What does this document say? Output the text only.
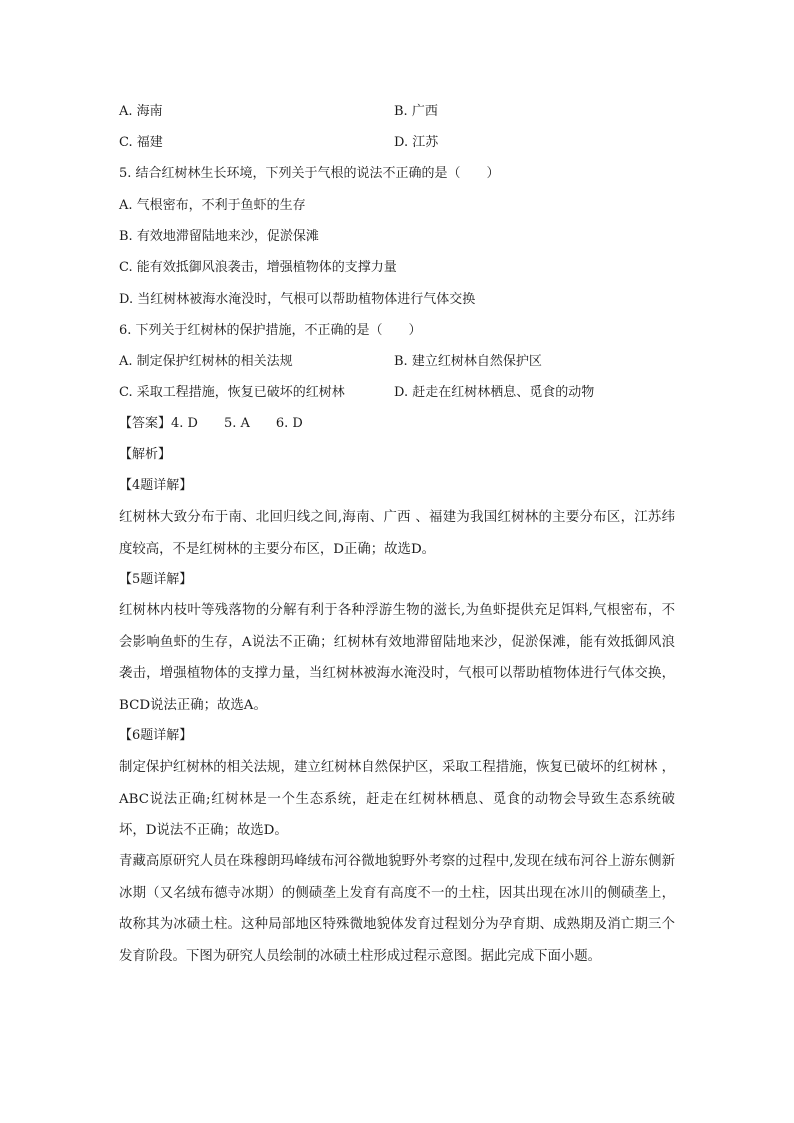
A. 海南	B. 广西
C. 福建	D. 江苏
5. 结合红树林生长环境，下列关于气根的说法不正确的是（　　）
A. 气根密布，不利于鱼虾的生存
B. 有效地滞留陆地来沙，促淤保滩
C. 能有效抵御风浪袭击，增强植物体的支撑力量
D. 当红树林被海水淹没时，气根可以帮助植物体进行气体交换
6. 下列关于红树林的保护措施，不正确的是（　　）
A. 制定保护红树林的相关法规	B. 建立红树林自然保护区
C. 采取工程措施，恢复已破坏的红树林	D. 赶走在红树林栖息、觅食的动物
【答案】4. D　　5. A　　6. D
【解析】
【4题详解】
红树林大致分布于南、北回归线之间,海南、广西 、福建为我国红树林的主要分布区，江苏纬度较高，不是红树林的主要分布区，D正确；故选D。
【5题详解】
红树林内枝叶等残落物的分解有利于各种浮游生物的滋长,为鱼虾提供充足饵料,气根密布，不会影响鱼虾的生存，A说法不正确；红树林有效地滞留陆地来沙，促淤保滩，能有效抵御风浪袭击，增强植物体的支撑力量，当红树林被海水淹没时，气根可以帮助植物体进行气体交换，BCD说法正确；故选A。
【6题详解】
制定保护红树林的相关法规，建立红树林自然保护区，采取工程措施，恢复已破坏的红树林 ，ABC说法正确;红树林是一个生态系统，赶走在红树林栖息、觅食的动物会导致生态系统破坏，D说法不正确；故选D。
青藏高原研究人员在珠穆朗玛峰绒布河谷微地貌野外考察的过程中,发现在绒布河谷上游东侧新冰期（又名绒布德寺冰期）的侧碛垄上发育有高度不一的土柱，因其出现在冰川的侧碛垄上，故称其为冰碛土柱。这种局部地区特殊微地貌体发育过程划分为孕育期、成熟期及消亡期三个发育阶段。下图为研究人员绘制的冰碛土柱形成过程示意图。据此完成下面小题。
